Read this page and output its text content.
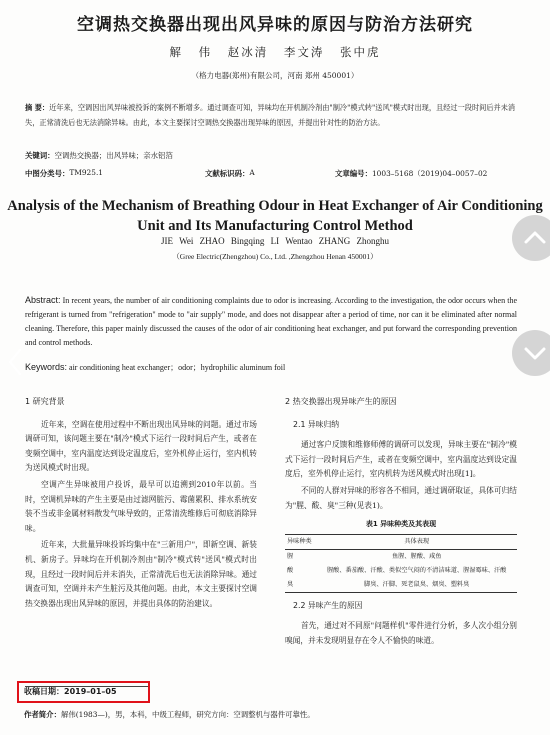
空调热交换器出现出风异味的原因与防治方法研究
解 伟 赵冰清 李文涛 张中虎
（格力电器(郑州)有限公司，河南 郑州 450001）
摘 要：近年来，空调因出风异味被投诉的案例不断增多。通过调查可知，异味均在开机制冷剂由"制冷"模式转"送风"模式时出现，且经过一段时间后并未消失，正常清洗后也无法消除异味。由此，本文主要探讨空调热交换器出现异味的原因，并提出针对性的防治方法。
关键词：空调热交换器；出风异味；亲水铝箔
中图分类号： TM925.1	文献标识码： A	文章编号： 1003–5168（2019)04–0057–02
Analysis of the Mechanism of Breathing Odour in Heat Exchanger of Air Conditioning Unit and Its Manufacturing Control Method
JIE Wei ZHAO Bingqing LI Wentao ZHANG Zhonghu
（Gree Electric(Zhengzhou) Co., Ltd. ,Zhengzhou Henan 450001）
Abstract: In recent years, the number of air conditioning complaints due to odor is increasing. According to the investigation, the odor occurs when the refrigerant is turned from "refrigeration" mode to "air supply" mode, and does not disappear after a period of time, nor can it be eliminated after normal cleaning. Therefore, this paper mainly discussed the causes of the odor of air conditioning heat exchanger, and put forward the corresponding prevention and control methods.
Keywords: air conditioning heat exchanger；odor；hydrophilic aluminum foil
1 研究背景

近年来，空调在使用过程中不断出现出风异味的问题。通过市场调研可知，该问题主要在"制冷"模式下运行一段时间后产生，或者在变频空调中，室内温度达到设定温度后，室外机停止运行，室内机转为送风模式时出现。

空调产生异味被用户投诉，最早可以追溯到2010年以前。当时，空调机异味的产生主要是由过滤网脏污、霉菌累积、排水系统安装不当或非金属材料散发气味导致的，正常清洗维修后可彻底消除异味。

近年来，大批量异味投诉均集中在"三新用户"，即新空调、新装机、新房子。异味均在开机制冷剂由"制冷"模式转"送风"模式时出现，且经过一段时间后并未消失，正常清洗后也无法消除异味。通过调查可知，空调并未产生脏污及其他问题。由此，本文主要探讨空调热交换器出现出风异味的原因，并提出具体的防治建议。

2 热交换器出现异味产生的原因
2.1 异味归纳

通过客户反馈和维修师傅的调研可以发现，异味主要在"制冷"模式下运行一段时间后产生，或者在变频空调中，室内温度达到设定温度后，室外机停止运行，室内机转为送风模式时出现[1]。

不同的人群对异味的形容各不相同，通过调研取证，具体可归结为"腥、酸、臭"三种(见表1)。

表1 异味种类及其表现
异味种类	具体表现
腥	鱼腥、腥酸、咸鱼
酸	腥酸、番茄酸、汗酸、类似空气闷的不清洁味道、腥湿霉味、汗酸
臭	脚臭、汗脚、死老鼠臭、烟臭、塑料臭
2.2 异味产生的原因

首先，通过对不同原"问题样机"零件进行分析，多人次小组分别嗅闻，并未发现明显存在令人不愉快的味道。

收稿日期：2019–01–05
作者简介：解伟(1983—)，男，本科，中级工程师，研究方向：空调整机与器件可靠性。
